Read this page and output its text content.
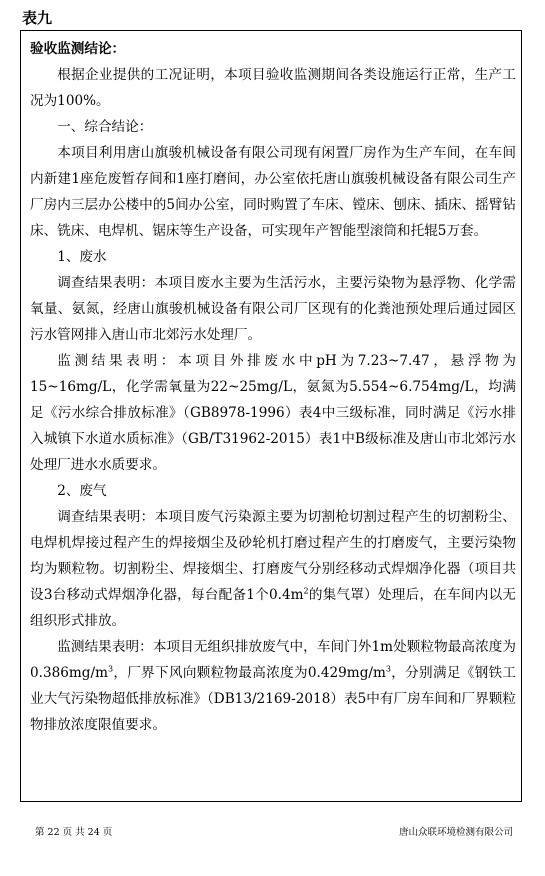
表九

验收监测结论：

根据企业提供的工况证明，本项目验收监测期间各类设施运行正常，生产工况为100%。

一、综合结论：

本项目利用唐山旗骏机械设备有限公司现有闲置厂房作为生产车间，在车间内新建1座危废暂存间和1座打磨间，办公室依托唐山旗骏机械设备有限公司生产厂房内三层办公楼中的5间办公室，同时购置了车床、镗床、刨床、插床、摇臂钻床、铣床、电焊机、锯床等生产设备，可实现年产智能型滚筒和托辊5万套。

1、废水

调查结果表明：本项目废水主要为生活污水，主要污染物为悬浮物、化学需氧量、氨氮，经唐山旗骏机械设备有限公司厂区现有的化粪池预处理后通过园区污水管网排入唐山市北郊污水处理厂。

监测结果表明：本项目外排废水中pH为7.23~7.47，悬浮物为15~16mg/L，化学需氧量为22~25mg/L，氨氮为5.554~6.754mg/L，均满足《污水综合排放标准》（GB8978-1996）表4中三级标准，同时满足《污水排入城镇下水道水质标准》（GB/T31962-2015）表1中B级标准及唐山市北郊污水处理厂进水水质要求。

2、废气

调查结果表明：本项目废气污染源主要为切割枪切割过程产生的切割粉尘、电焊机焊接过程产生的焊接烟尘及砂轮机打磨过程产生的打磨废气，主要污染物均为颗粒物。切割粉尘、焊接烟尘、打磨废气分别经移动式焊烟净化器（项目共设3台移动式焊烟净化器，每台配备1个$0.4m^2$的集气罩）处理后，在车间内以无组织形式排放。

监测结果表明：本项目无组织排放废气中，车间门外1m处颗粒物最高浓度为$0.386mg/m^3$，厂界下风向颗粒物最高浓度为$0.429mg/m^3$，分别满足《钢铁工业大气污染物超低排放标准》（DB13/2169-2018）表5中有厂房车间和厂界颗粒物排放浓度限值要求。

第 22 页 共 24 页	唐山众联环境检测有限公司
